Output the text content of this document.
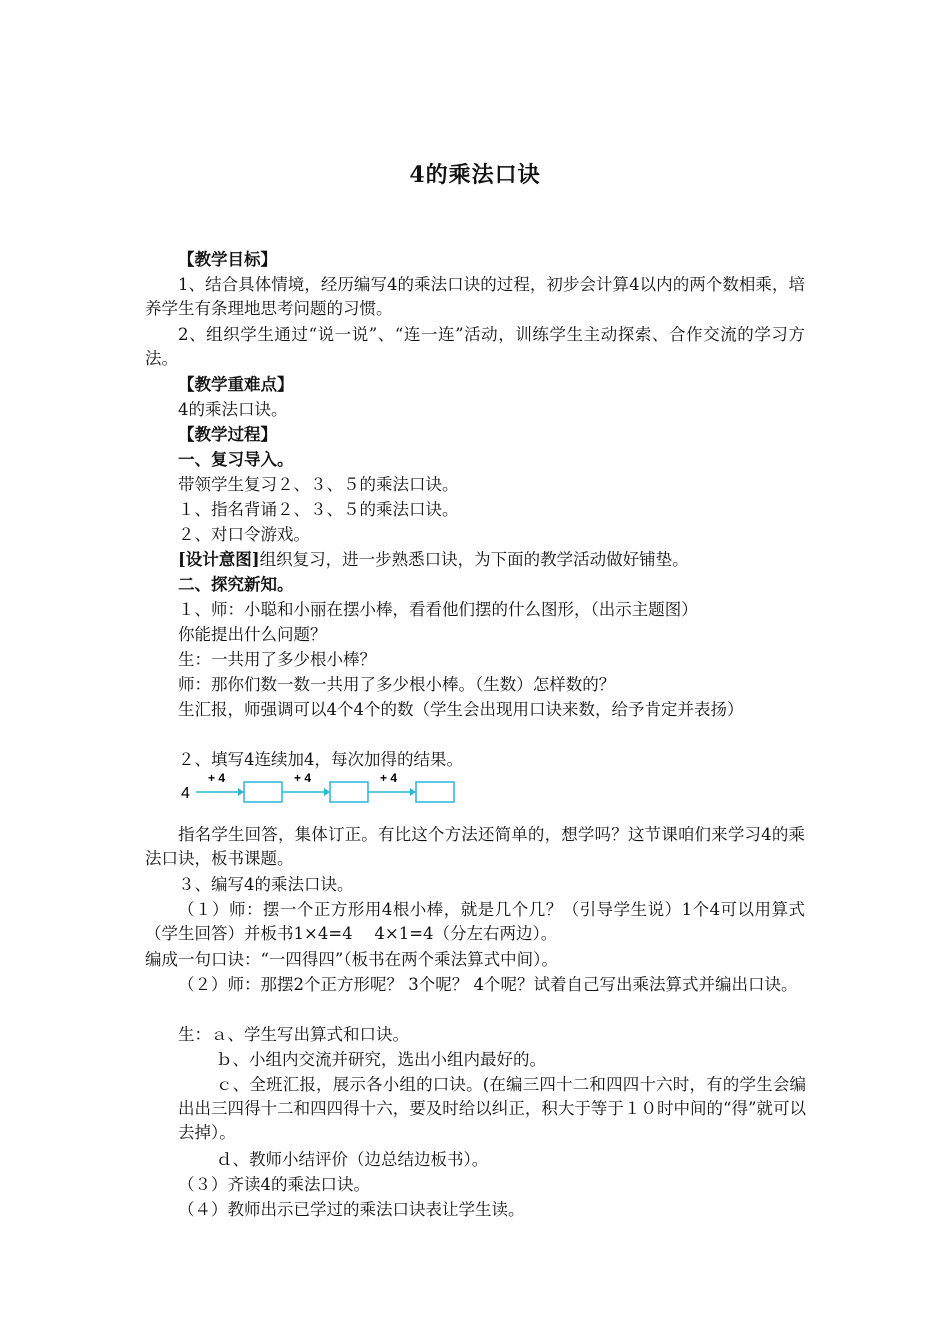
4的乘法口诀
【教学目标】
1、结合具体情境，经历编写4的乘法口诀的过程，初步会计算4以内的两个数相乘，培养学生有条理地思考问题的习惯。
2、组织学生通过“说一说”、“连一连”活动，训练学生主动探索、合作交流的学习方法。
【教学重难点】
4的乘法口诀。
【教学过程】
一、复习导入。
带领学生复习２、３、５的乘法口诀。
１、指名背诵２、３、５的乘法口诀。
２、对口令游戏。
[设计意图]组织复习，进一步熟悉口诀，为下面的教学活动做好铺垫。
二、探究新知。
１、师：小聪和小丽在摆小棒，看看他们摆的什么图形，（出示主题图）
你能提出什么问题？
生：一共用了多少根小棒？
师：那你们数一数一共用了多少根小棒。（生数）怎样数的？
生汇报，师强调可以4个4个的数（学生会出现用口诀来数，给予肯定并表扬）
２、填写4连续加4，每次加得的结果。
4
+ 4	+ 4	+ 4
指名学生回答，集体订正。有比这个方法还简单的，想学吗？这节课咱们来学习4的乘法口诀，板书课题。
３、编写4的乘法口诀。
（１）师：摆一个正方形用4根小棒，就是几个几？（引导学生说）1个4可以用算式（学生回答）并板书1×4=4　 4×1=4（分左右两边）。
编成一句口诀：“一四得四”（板书在两个乘法算式中间）。
（２）师：那摆2个正方形呢？ 3个呢？ 4个呢？试着自己写出乘法算式并编出口诀。
生：ａ、学生写出算式和口诀。
ｂ、小组内交流并研究，选出小组内最好的。
ｃ、全班汇报，展示各小组的口诀。(在编三四十二和四四十六时，有的学生会编出出三四得十二和四四得十六，要及时给以纠正，积大于等于１０时中间的“得”就可以去掉）。
ｄ、教师小结评价（边总结边板书）。
（３）齐读4的乘法口诀。
（４）教师出示已学过的乘法口诀表让学生读。
